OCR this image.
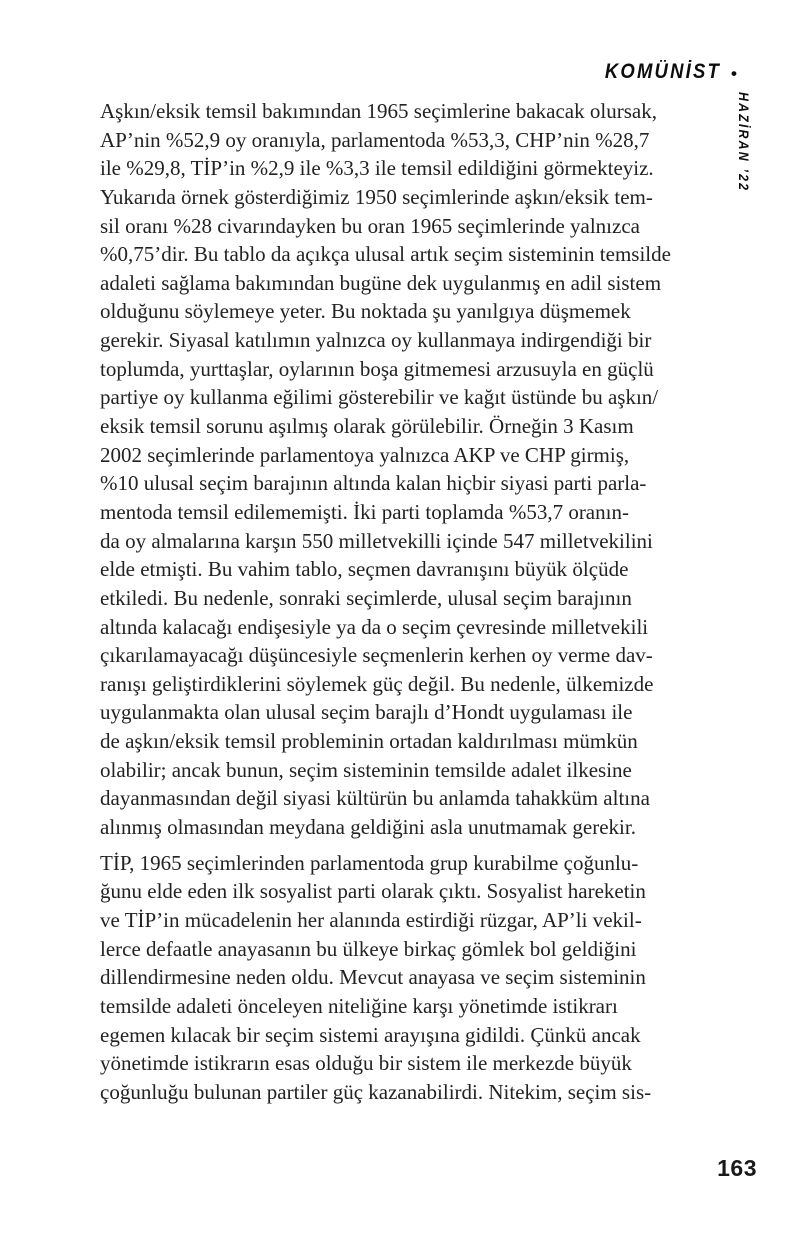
KOMÜNİST •
HAZİRAN ’22
Aşkın/eksik temsil bakımından 1965 seçimlerine bakacak olursak,
AP’nin %52,9 oy oranıyla, parlamentoda %53,3, CHP’nin %28,7
ile %29,8, TİP’in %2,9 ile %3,3 ile temsil edildiğini görmekteyiz.
Yukarıda örnek gösterdiğimiz 1950 seçimlerinde aşkın/eksik tem-
sil oranı %28 civarındayken bu oran 1965 seçimlerinde yalnızca
%0,75’dir. Bu tablo da açıkça ulusal artık seçim sisteminin temsilde
adaleti sağlama bakımından bugüne dek uygulanmış en adil sistem
olduğunu söylemeye yeter. Bu noktada şu yanılgıya düşmemek
gerekir. Siyasal katılımın yalnızca oy kullanmaya indirgendiği bir
toplumda, yurttaşlar, oylarının boşa gitmemesi arzusuyla en güçlü
partiye oy kullanma eğilimi gösterebilir ve kağıt üstünde bu aşkın/
eksik temsil sorunu aşılmış olarak görülebilir. Örneğin 3 Kasım
2002 seçimlerinde parlamentoya yalnızca AKP ve CHP girmiş,
%10 ulusal seçim barajının altında kalan hiçbir siyasi parti parla-
mentoda temsil edilememişti. İki parti toplamda %53,7 oranın-
da oy almalarına karşın 550 milletvekilli içinde 547 milletvekilini
elde etmişti. Bu vahim tablo, seçmen davranışını büyük ölçüde
etkiledi. Bu nedenle, sonraki seçimlerde, ulusal seçim barajının
altında kalacağı endişesiyle ya da o seçim çevresinde milletvekili
çıkarılamayacağı düşüncesiyle seçmenlerin kerhen oy verme dav-
ranışı geliştirdiklerini söylemek güç değil. Bu nedenle, ülkemizde
uygulanmakta olan ulusal seçim barajlı d’Hondt uygulaması ile
de aşkın/eksik temsil probleminin ortadan kaldırılması mümkün
olabilir; ancak bunun, seçim sisteminin temsilde adalet ilkesine
dayanmasından değil siyasi kültürün bu anlamda tahakküm altına
alınmış olmasından meydana geldiğini asla unutmamak gerekir.
TİP, 1965 seçimlerinden parlamentoda grup kurabilme çoğunlu-
ğunu elde eden ilk sosyalist parti olarak çıktı. Sosyalist hareketin
ve TİP’in mücadelenin her alanında estirdiği rüzgar, AP’li vekil-
lerce defaatle anayasanın bu ülkeye birkaç gömlek bol geldiğini
dillendirmesine neden oldu. Mevcut anayasa ve seçim sisteminin
temsilde adaleti önceleyen niteliğine karşı yönetimde istikrarı
egemen kılacak bir seçim sistemi arayışına gidildi. Çünkü ancak
yönetimde istikrarın esas olduğu bir sistem ile merkezde büyük
çoğunluğu bulunan partiler güç kazanabilirdi. Nitekim, seçim sis-
163
